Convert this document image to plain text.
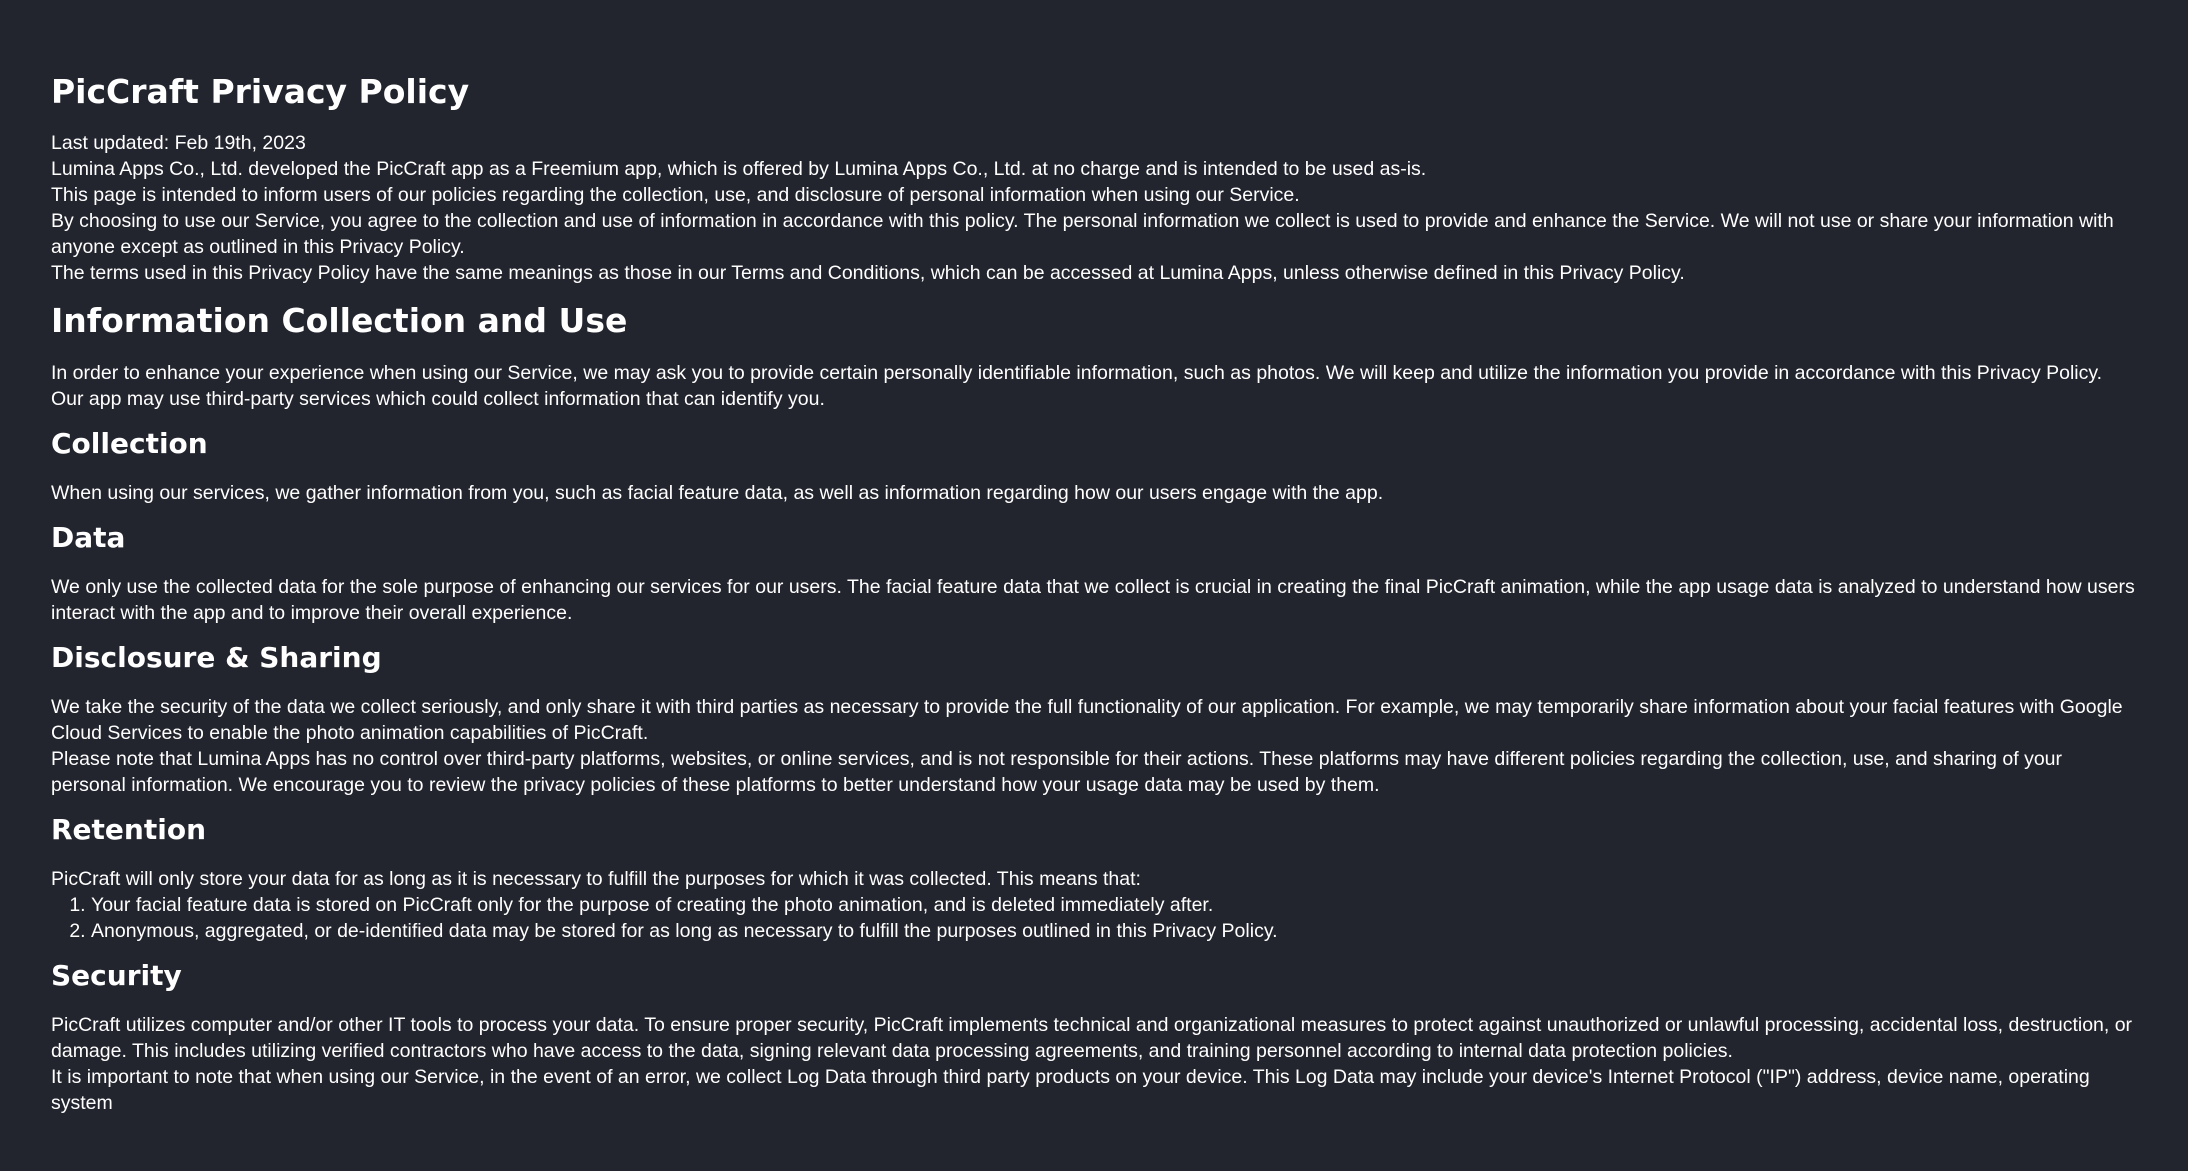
PicCraft Privacy Policy

Last updated: Feb 19th, 2023

Lumina Apps Co., Ltd. developed the PicCraft app as a Freemium app, which is offered by Lumina Apps Co., Ltd. at no charge and is intended to be used as-is.

This page is intended to inform users of our policies regarding the collection, use, and disclosure of personal information when using our Service.

By choosing to use our Service, you agree to the collection and use of information in accordance with this policy. The personal information we collect is used to provide and enhance the Service. We will not use or share your information with anyone except as outlined in this Privacy Policy.

The terms used in this Privacy Policy have the same meanings as those in our Terms and Conditions, which can be accessed at Lumina Apps, unless otherwise defined in this Privacy Policy.

Information Collection and Use

In order to enhance your experience when using our Service, we may ask you to provide certain personally identifiable information, such as photos. We will keep and utilize the information you provide in accordance with this Privacy Policy.

Our app may use third-party services which could collect information that can identify you.

Collection

When using our services, we gather information from you, such as facial feature data, as well as information regarding how our users engage with the app.

Data

We only use the collected data for the sole purpose of enhancing our services for our users. The facial feature data that we collect is crucial in creating the final PicCraft animation, while the app usage data is analyzed to understand how users interact with the app and to improve their overall experience.

Disclosure & Sharing

We take the security of the data we collect seriously, and only share it with third parties as necessary to provide the full functionality of our application. For example, we may temporarily share information about your facial features with Google Cloud Services to enable the photo animation capabilities of PicCraft.

Please note that Lumina Apps has no control over third-party platforms, websites, or online services, and is not responsible for their actions. These platforms may have different policies regarding the collection, use, and sharing of your personal information. We encourage you to review the privacy policies of these platforms to better understand how your usage data may be used by them.

Retention

PicCraft will only store your data for as long as it is necessary to fulfill the purposes for which it was collected. This means that:

1. Your facial feature data is stored on PicCraft only for the purpose of creating the photo animation, and is deleted immediately after.
2. Anonymous, aggregated, or de-identified data may be stored for as long as necessary to fulfill the purposes outlined in this Privacy Policy.
Security

PicCraft utilizes computer and/or other IT tools to process your data. To ensure proper security, PicCraft implements technical and organizational measures to protect against unauthorized or unlawful processing, accidental loss, destruction, or damage. This includes utilizing verified contractors who have access to the data, signing relevant data processing agreements, and training personnel according to internal data protection policies.

It is important to note that when using our Service, in the event of an error, we collect Log Data through third party products on your device. This Log Data may include your device's Internet Protocol ("IP") address, device name, operating system
